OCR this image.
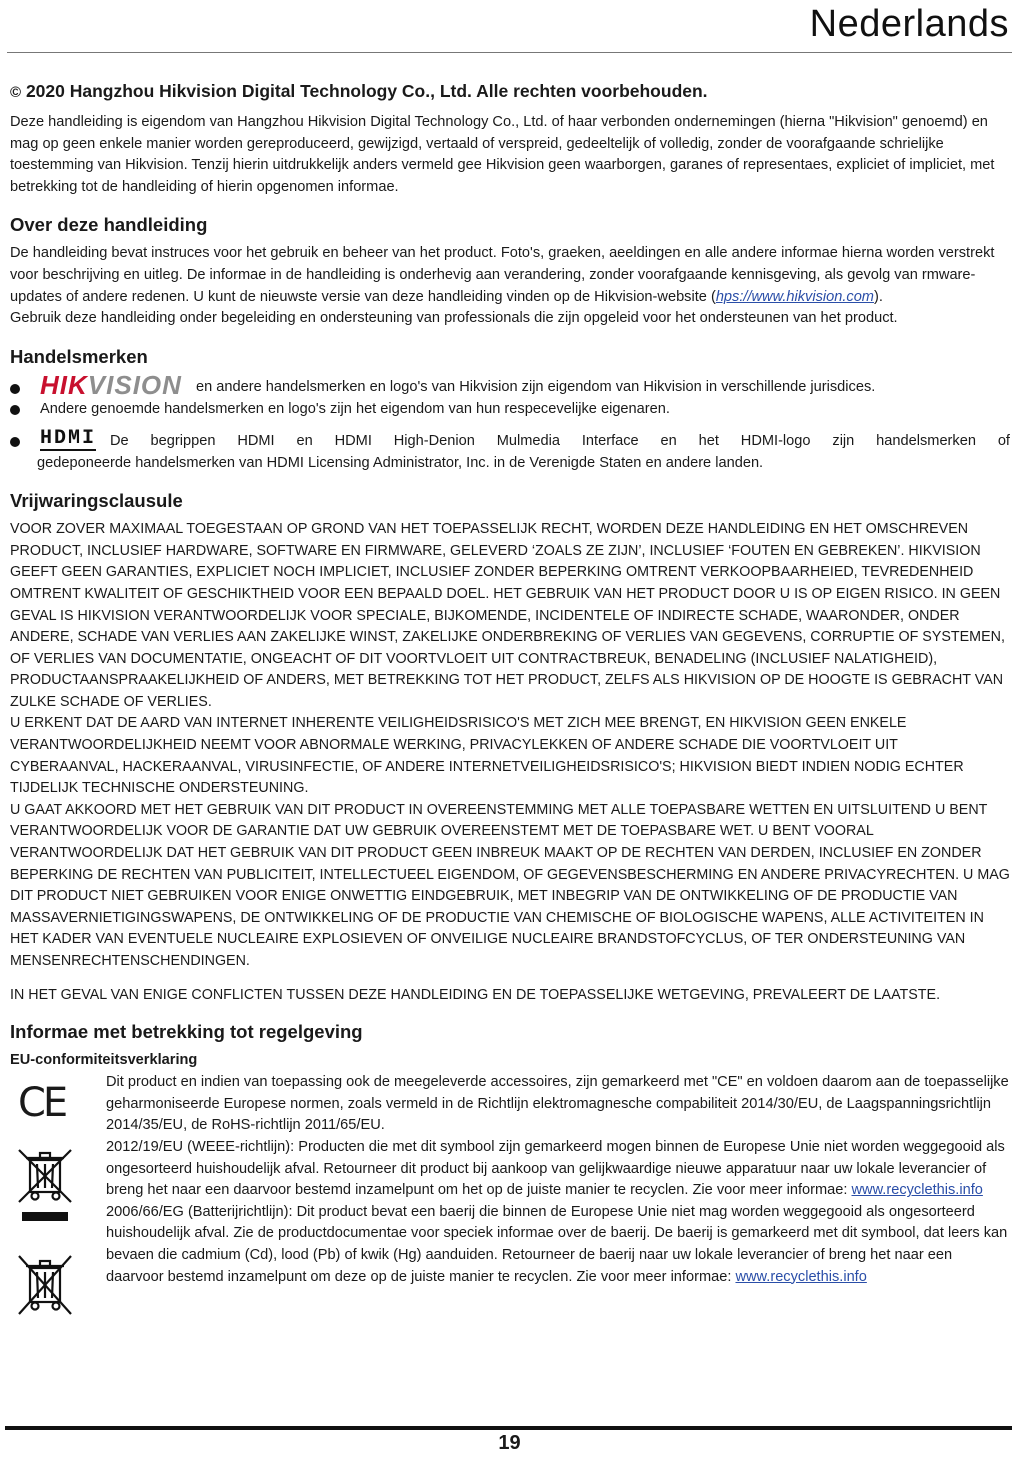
Nederlands

© 2020 Hangzhou Hikvision Digital Technology Co., Ltd. Alle rechten voorbehouden.

Deze handleiding is eigendom van Hangzhou Hikvision Digital Technology Co., Ltd. of haar verbonden ondernemingen (hierna "Hikvision" genoemd) en mag op geen enkele manier worden gereproduceerd, gewijzigd, vertaald of verspreid, gedeeltelijk of volledig, zonder de voorafgaande schrielijke toestemming van Hikvision. Tenzij hierin uitdrukkelijk anders vermeld gee Hikvision geen waarborgen, garanes of representaes, expliciet of impliciet, met betrekking tot de handleiding of hierin opgenomen informae.

Over deze handleiding

De handleiding bevat instruces voor het gebruik en beheer van het product. Foto's, graeken, aeeldingen en alle andere informae hierna worden verstrekt voor beschrijving en uitleg. De informae in de handleiding is onderhevig aan verandering, zonder voorafgaande kennisgeving, als gevolg van rmware-updates of andere redenen. U kunt de nieuwste versie van deze handleiding vinden op de Hikvision-website (hps://www.hikvision.com).

Gebruik deze handleiding onder begeleiding en ondersteuning van professionals die zijn opgeleid voor het ondersteunen van het product.

Handelsmerken
HIKVISION en andere handelsmerken en logo's van Hikvision zijn eigendom van Hikvision in verschillende jurisdices.
Andere genoemde handelsmerken en logo's zijn het eigendom van hun respecevelijke eigenaren.
HDMI De begrippen HDMI en HDMI High-Denion Mulmedia Interface en het HDMI-logo zijn handelsmerken of

gedeponeerde handelsmerken van HDMI Licensing Administrator, Inc. in de Verenigde Staten en andere landen.

Vrijwaringsclausule

VOOR ZOVER MAXIMAAL TOEGESTAAN OP GROND VAN HET TOEPASSELIJK RECHT, WORDEN DEZE HANDLEIDING EN HET OMSCHREVEN PRODUCT, INCLUSIEF HARDWARE, SOFTWARE EN FIRMWARE, GELEVERD ‘ZOALS ZE ZIJN’, INCLUSIEF ‘FOUTEN EN GEBREKEN’. HIKVISION GEEFT GEEN GARANTIES, EXPLICIET NOCH IMPLICIET, INCLUSIEF ZONDER BEPERKING OMTRENT VERKOOPBAARHEIED, TEVREDENHEID OMTRENT KWALITEIT OF GESCHIKTHEID VOOR EEN BEPAALD DOEL. HET GEBRUIK VAN HET PRODUCT DOOR U IS OP EIGEN RISICO. IN GEEN GEVAL IS HIKVISION VERANTWOORDELIJK VOOR SPECIALE, BIJKOMENDE, INCIDENTELE OF INDIRECTE SCHADE, WAARONDER, ONDER ANDERE, SCHADE VAN VERLIES AAN ZAKELIJKE WINST, ZAKELIJKE ONDERBREKING OF VERLIES VAN GEGEVENS, CORRUPTIE OF SYSTEMEN, OF VERLIES VAN DOCUMENTATIE, ONGEACHT OF DIT VOORTVLOEIT UIT CONTRACTBREUK, BENADELING (INCLUSIEF NALATIGHEID), PRODUCTAANSPRAAKELIJKHEID OF ANDERS, MET BETREKKING TOT HET PRODUCT, ZELFS ALS HIKVISION OP DE HOOGTE IS GEBRACHT VAN ZULKE SCHADE OF VERLIES.

U ERKENT DAT DE AARD VAN INTERNET INHERENTE VEILIGHEIDSRISICO'S MET ZICH MEE BRENGT, EN HIKVISION GEEN ENKELE VERANTWOORDELIJKHEID NEEMT VOOR ABNORMALE WERKING, PRIVACYLEKKEN OF ANDERE SCHADE DIE VOORTVLOEIT UIT CYBERAANVAL, HACKERAANVAL, VIRUSINFECTIE, OF ANDERE INTERNETVEILIGHEIDSRISICO'S; HIKVISION BIEDT INDIEN NODIG ECHTER TIJDELIJK TECHNISCHE ONDERSTEUNING.

U GAAT AKKOORD MET HET GEBRUIK VAN DIT PRODUCT IN OVEREENSTEMMING MET ALLE TOEPASBARE WETTEN EN UITSLUITEND U BENT VERANTWOORDELIJK VOOR DE GARANTIE DAT UW GEBRUIK OVEREENSTEMT MET DE TOEPASBARE WET. U BENT VOORAL VERANTWOORDELIJK DAT HET GEBRUIK VAN DIT PRODUCT GEEN INBREUK MAAKT OP DE RECHTEN VAN DERDEN, INCLUSIEF EN ZONDER BEPERKING DE RECHTEN VAN PUBLICITEIT, INTELLECTUEEL EIGENDOM, OF GEGEVENSBESCHERMING EN ANDERE PRIVACYRECHTEN. U MAG DIT PRODUCT NIET GEBRUIKEN VOOR ENIGE ONWETTIG EINDGEBRUIK, MET INBEGRIP VAN DE ONTWIKKELING OF DE PRODUCTIE VAN MASSAVERNIETIGINGSWAPENS, DE ONTWIKKELING OF DE PRODUCTIE VAN CHEMISCHE OF BIOLOGISCHE WAPENS, ALLE ACTIVITEITEN IN HET KADER VAN EVENTUELE NUCLEAIRE EXPLOSIEVEN OF ONVEILIGE NUCLEAIRE BRANDSTOFCYCLUS, OF TER ONDERSTEUNING VAN MENSENRECHTENSCHENDINGEN.

IN HET GEVAL VAN ENIGE CONFLICTEN TUSSEN DEZE HANDLEIDING EN DE TOEPASSELIJKE WETGEVING, PREVALEERT DE LAATSTE.

Informae met betrekking tot regelgeving
EU-conformiteitsverklaring
CE	Dit product en indien van toepassing ook de meegeleverde accessoires, zijn gemarkeerd met "CE" en voldoen daarom aan de toepasselijke geharmoniseerde Europese normen, zoals vermeld in de Richtlijn elektromagnesche compabiliteit 2014/30/EU, de Laagspanningsrichtlijn 2014/35/EU, de RoHS-richtlijn 2011/65/EU.
2012/19/EU (WEEE-richtlijn): Producten die met dit symbool zijn gemarkeerd mogen binnen de Europese Unie niet worden weggegooid als ongesorteerd huishoudelijk afval. Retourneer dit product bij aankoop van gelijkwaardige nieuwe apparatuur naar uw lokale leverancier of breng het naar een daarvoor bestemd inzamelpunt om het op de juiste manier te recyclen. Zie voor meer informae: www.recyclethis.info
2006/66/EG (Batterijrichtlijn): Dit product bevat een baerij die binnen de Europese Unie niet mag worden weggegooid als ongesorteerd huishoudelijk afval. Zie de productdocumentae voor speciek informae over de baerij. De baerij is gemarkeerd met dit symbool, dat leers kan bevaen die cadmium (Cd), lood (Pb) of kwik (Hg) aanduiden. Retourneer de baerij naar uw lokale leverancier of breng het naar een daarvoor bestemd inzamelpunt om deze op de juiste manier te recyclen. Zie voor meer informae: www.recyclethis.info
19
